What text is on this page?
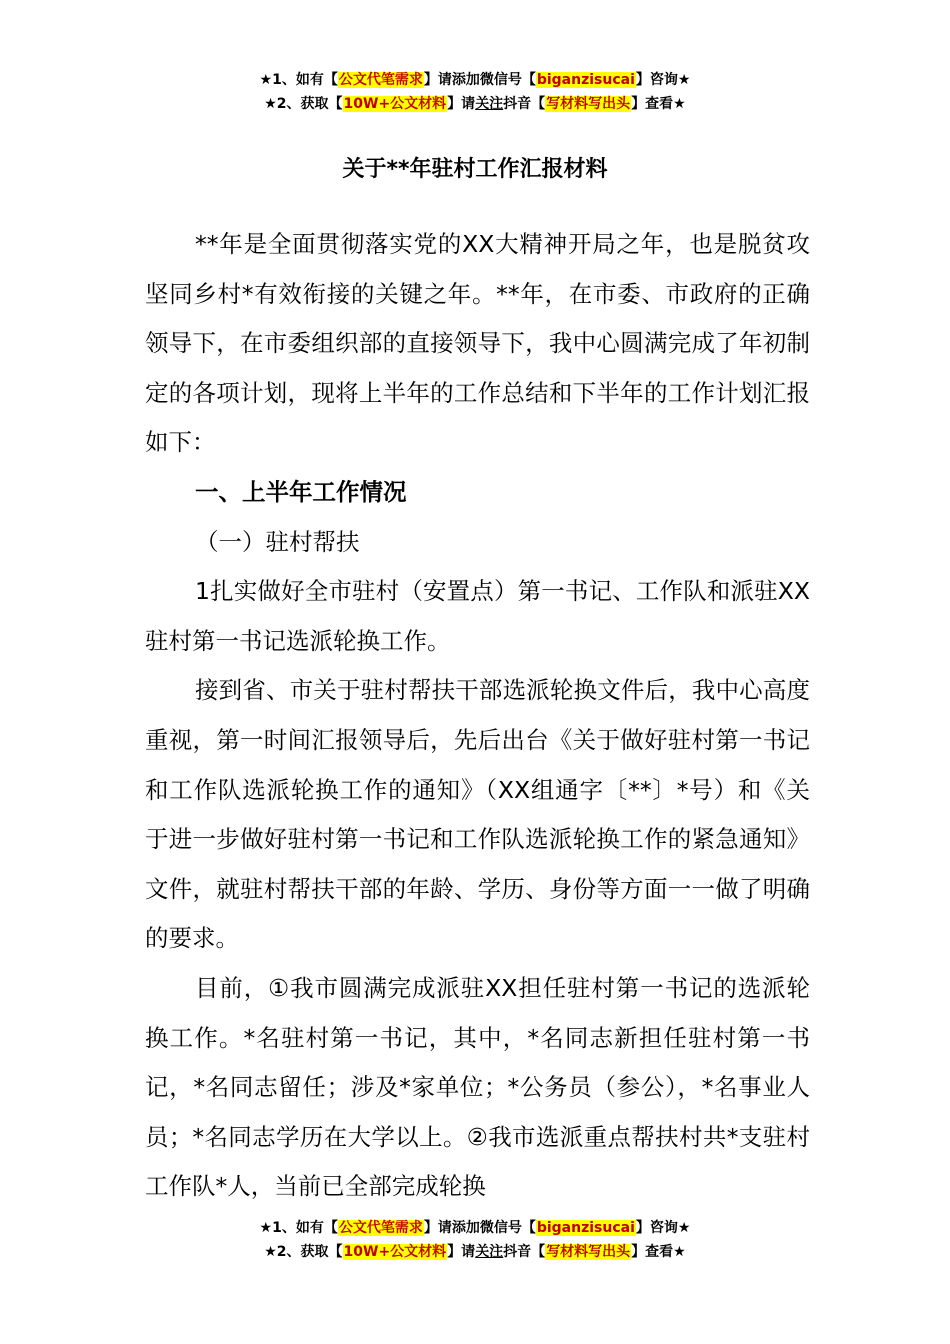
★1、如有【公文代笔需求】请添加微信号【biganzisucai】咨询★
★2、获取【10W+公文材料】请关注抖音【写材料写出头】查看★
关于**年驻村工作汇报材料

**年是全面贯彻落实党的XX大精神开局之年，也是脱贫攻坚同乡村*有效衔接的关键之年。**年，在市委、市政府的正确领导下，在市委组织部的直接领导下，我中心圆满完成了年初制定的各项计划，现将上半年的工作总结和下半年的工作计划汇报如下：

一、上半年工作情况

（一）驻村帮扶

1扎实做好全市驻村（安置点）第一书记、工作队和派驻XX驻村第一书记选派轮换工作。

接到省、市关于驻村帮扶干部选派轮换文件后，我中心高度重视，第一时间汇报领导后，先后出台《关于做好驻村第一书记和工作队选派轮换工作的通知》（XX组通字〔**〕*号）和《关于进一步做好驻村第一书记和工作队选派轮换工作的紧急通知》文件，就驻村帮扶干部的年龄、学历、身份等方面一一做了明确的要求。

目前，①我市圆满完成派驻XX担任驻村第一书记的选派轮换工作。*名驻村第一书记，其中，*名同志新担任驻村第一书记，*名同志留任；涉及*家单位；*公务员（参公），*名事业人员；*名同志学历在大学以上。②我市选派重点帮扶村共*支驻村工作队*人，当前已全部完成轮换

★1、如有【公文代笔需求】请添加微信号【biganzisucai】咨询★
★2、获取【10W+公文材料】请关注抖音【写材料写出头】查看★
